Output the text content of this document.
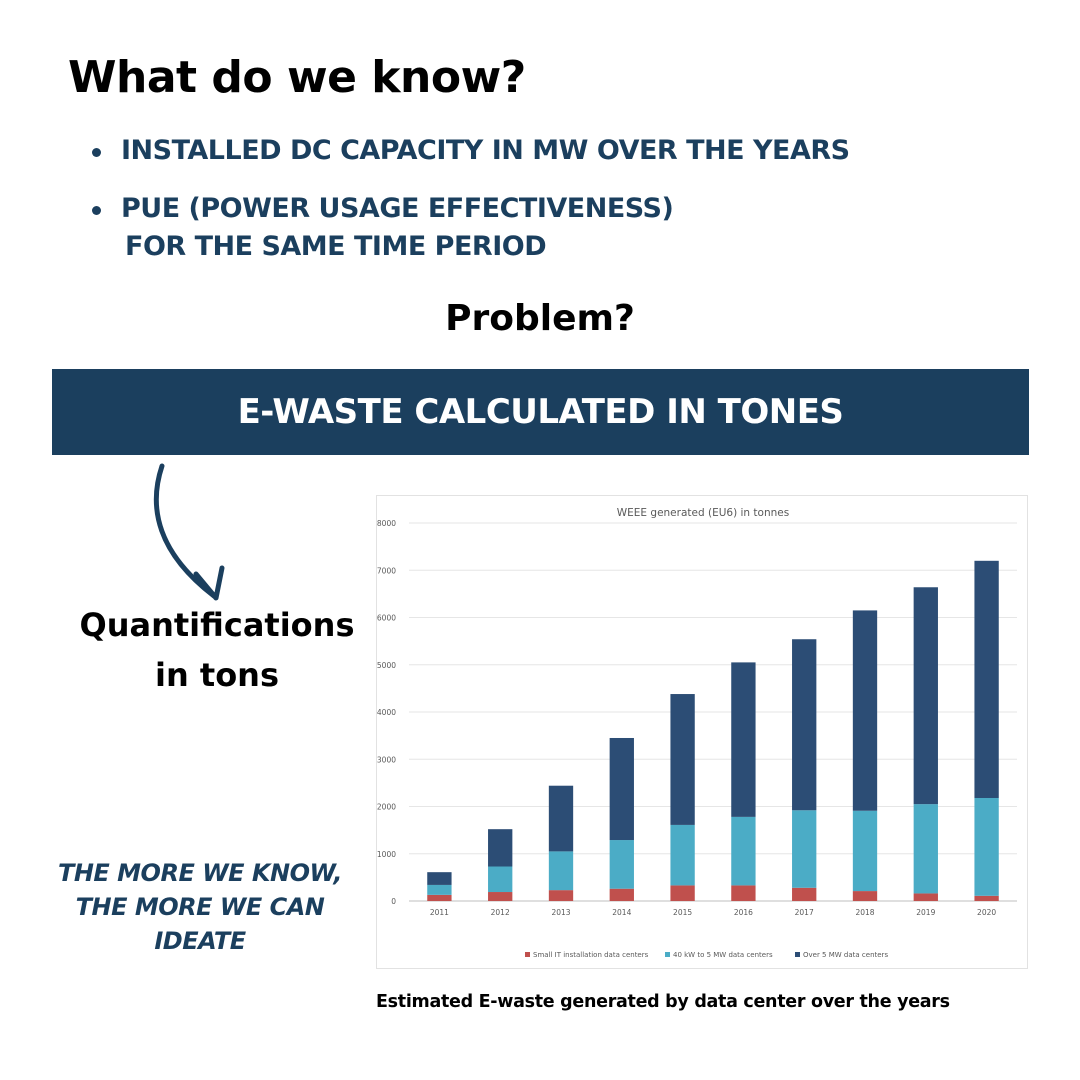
What do we know?
INSTALLED DC CAPACITY IN MW OVER THE YEARS
PUE (POWER USAGE EFFECTIVENESS)
FOR THE SAME TIME PERIOD
Problem?
E-WASTE CALCULATED IN TONES
Quantifications
in tons
THE MORE WE KNOW,
THE MORE WE CAN
IDEATE
WEEE generated (EU6) in tonnes
0
1000
2000
3000
4000
5000
6000
7000
8000
2011	2012	2013	2014	2015	2016	2017	2018	2019	2020
Small IT installation data centers	40 kW to 5 MW data centers	Over 5 MW data centers

Estimated E-waste generated by data center over the years
